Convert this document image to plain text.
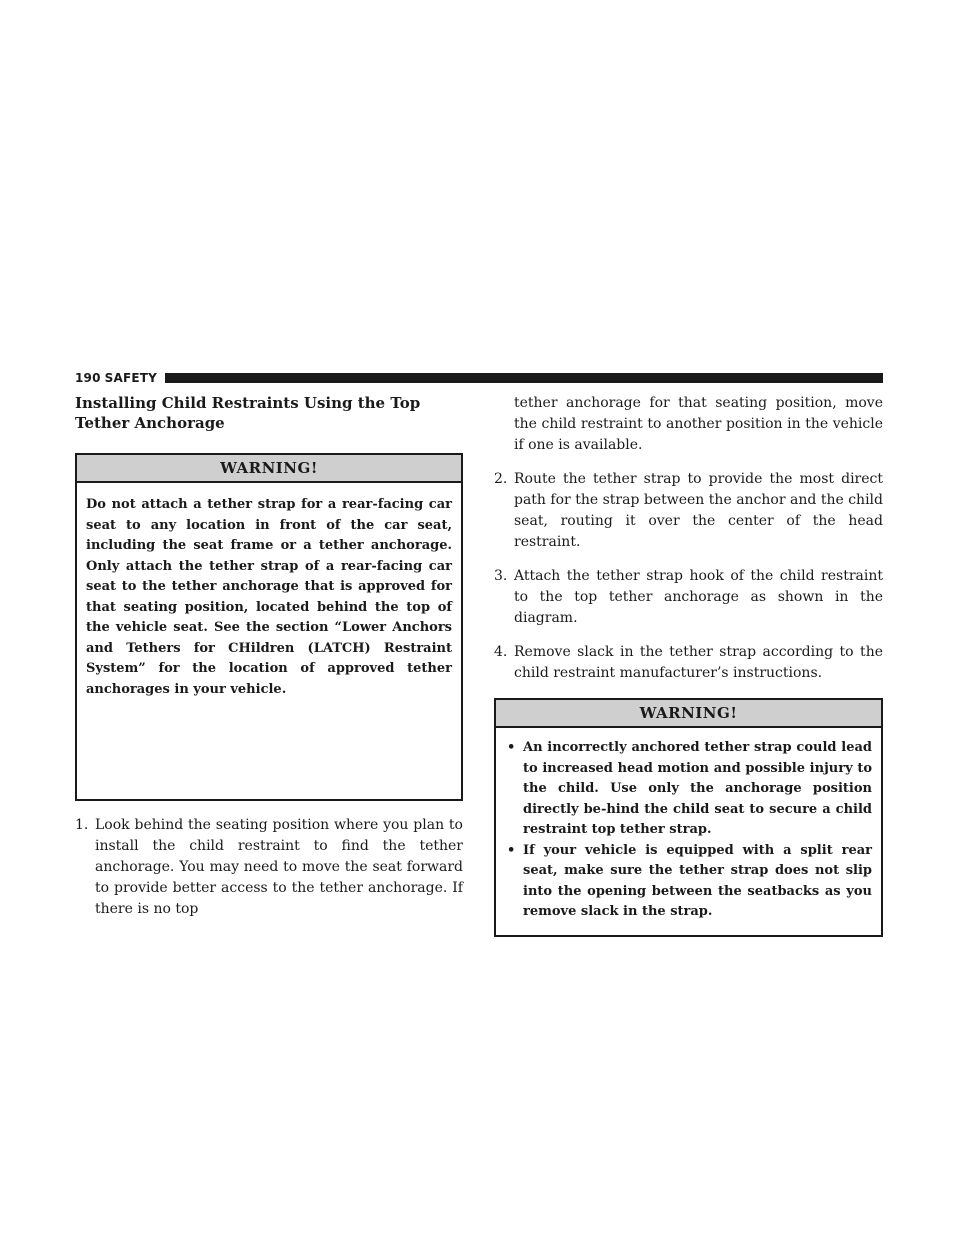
190 SAFETY
Installing Child Restraints Using the Top Tether Anchorage
WARNING!
Do not attach a tether strap for a rear-facing car seat to any location in front of the car seat, including the seat frame or a tether anchorage. Only attach the tether strap of a rear-facing car seat to the tether anchorage that is approved for that seating position, located behind the top of the vehicle seat. See the section “Lower Anchors and Tethers for CHildren (LATCH) Restraint System” for the location of approved tether anchorages in your vehicle.
1. Look behind the seating position where you plan to install the child restraint to find the tether anchorage. You may need to move the seat forward to provide better access to the tether anchorage. If there is no top

tether anchorage for that seating position, move the child restraint to another position in the vehicle if one is available.

2. Route the tether strap to provide the most direct path for the strap between the anchor and the child seat, routing it over the center of the head restraint.
3. Attach the tether strap hook of the child restraint to the top tether anchorage as shown in the diagram.
4. Remove slack in the tether strap according to the child restraint manufacturer’s instructions.
WARNING!
• An incorrectly anchored tether strap could lead to increased head motion and possible injury to the child. Use only the anchorage position directly be-hind the child seat to secure a child restraint top tether strap.
• If your vehicle is equipped with a split rear seat, make sure the tether strap does not slip into the opening between the seatbacks as you remove slack in the strap.
